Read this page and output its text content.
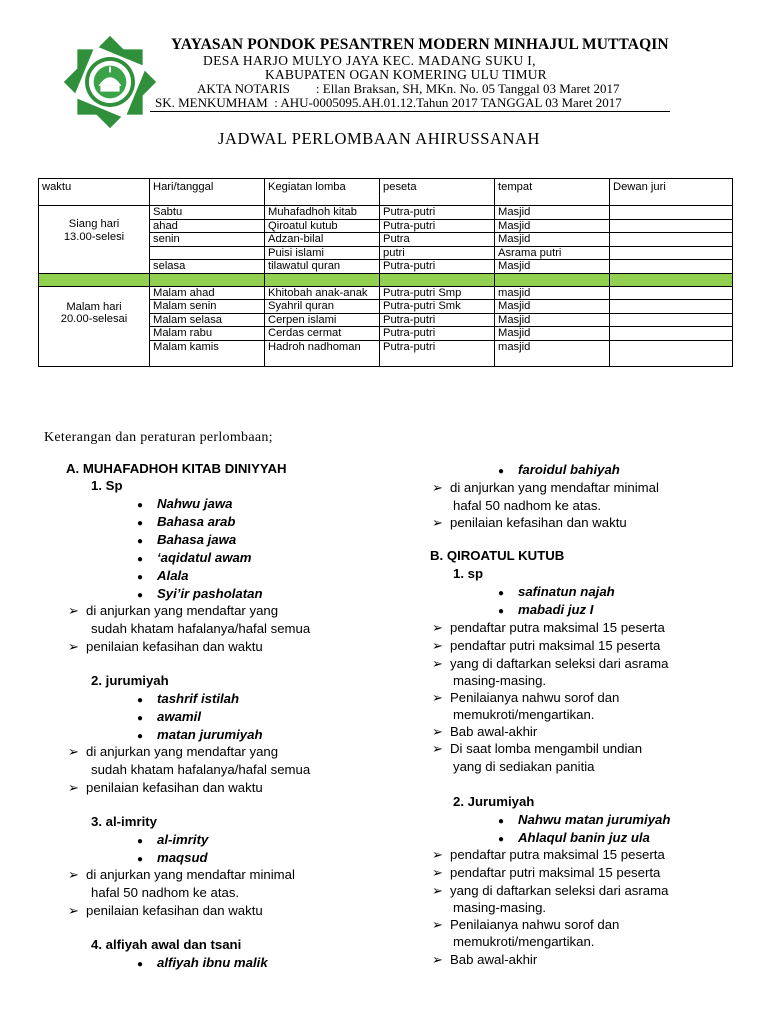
YAYASAN PONDOK PESANTREN MODERN MINHAJUL MUTTAQIN
DESA HARJO MULYO JAYA KEC. MADANG SUKU I,
KABUPATEN OGAN KOMERING ULU TIMUR
AKTA NOTARIS        : Ellan Braksan, SH, MKn. No. 05 Tanggal 03 Maret 2017
SK. MENKUMHAM  : AHU-0005095.AH.01.12.Tahun 2017 TANGGAL 03 Maret 2017
JADWAL PERLOMBAAN AHIRUSSANAH
waktu	Hari/tanggal	Kegiatan lomba	peseta	tempat	Dewan juri

Siang hari
13.00-selesi	Sabtu	Muhafadhoh kitab	Putra-putri	Masjid	
	ahad	Qiroatul kutub	Putra-putri	Masjid	
	senin	Adzan-bilal	Putra	Masjid	
		Puisi islami	putri	Asrama putri	
	selasa	tilawatul quran	Putra-putri	Masjid	

Malam hari
20.00-selesai	Malam ahad	Khitobah anak-anak	Putra-putri Smp	masjid	
	Malam senin	Syahril quran	Putra-putri Smk	Masjid	
	Malam selasa	Cerpen islami	Putra-putri	Masjid	
	Malam rabu	Cerdas cermat	Putra-putri	Masjid	
	Malam kamis	Hadroh nadhoman	Putra-putri	masjid	
Keterangan dan peraturan perlombaan;
A. MUHAFADHOH KITAB DINIYYAH
1. Sp
● Nahwu jawa
● Bahasa arab
● Bahasa jawa
● ‘aqidatul awam
● Alala
● Syi’ir pasholatan
➢ di anjurkan yang mendaftar yang
sudah khatam hafalanya/hafal semua
➢ penilaian kefasihan dan waktu
2. jurumiyah
● tashrif istilah
● awamil
● matan jurumiyah
➢ di anjurkan yang mendaftar yang
sudah khatam hafalanya/hafal semua
➢ penilaian kefasihan dan waktu
3. al-imrity
● al-imrity
● maqsud
➢ di anjurkan yang mendaftar minimal
hafal 50 nadhom ke atas.
➢ penilaian kefasihan dan waktu
4. alfiyah awal dan tsani
● alfiyah ibnu malik
● faroidul bahiyah
➢ di anjurkan yang mendaftar minimal
hafal 50 nadhom ke atas.
➢ penilaian kefasihan dan waktu
B. QIROATUL KUTUB
1. sp
● safinatun najah
● mabadi juz I
➢ pendaftar putra maksimal 15 peserta
➢ pendaftar putri maksimal 15 peserta
➢ yang di daftarkan seleksi dari asrama
masing-masing.
➢ Penilaianya nahwu sorof dan
memukroti/mengartikan.
➢ Bab awal-akhir
➢ Di saat lomba mengambil undian
yang di sediakan panitia
2. Jurumiyah
● Nahwu matan jurumiyah
● Ahlaqul banin juz ula
➢ pendaftar putra maksimal 15 peserta
➢ pendaftar putri maksimal 15 peserta
➢ yang di daftarkan seleksi dari asrama
masing-masing.
➢ Penilaianya nahwu sorof dan
memukroti/mengartikan.
➢ Bab awal-akhir
